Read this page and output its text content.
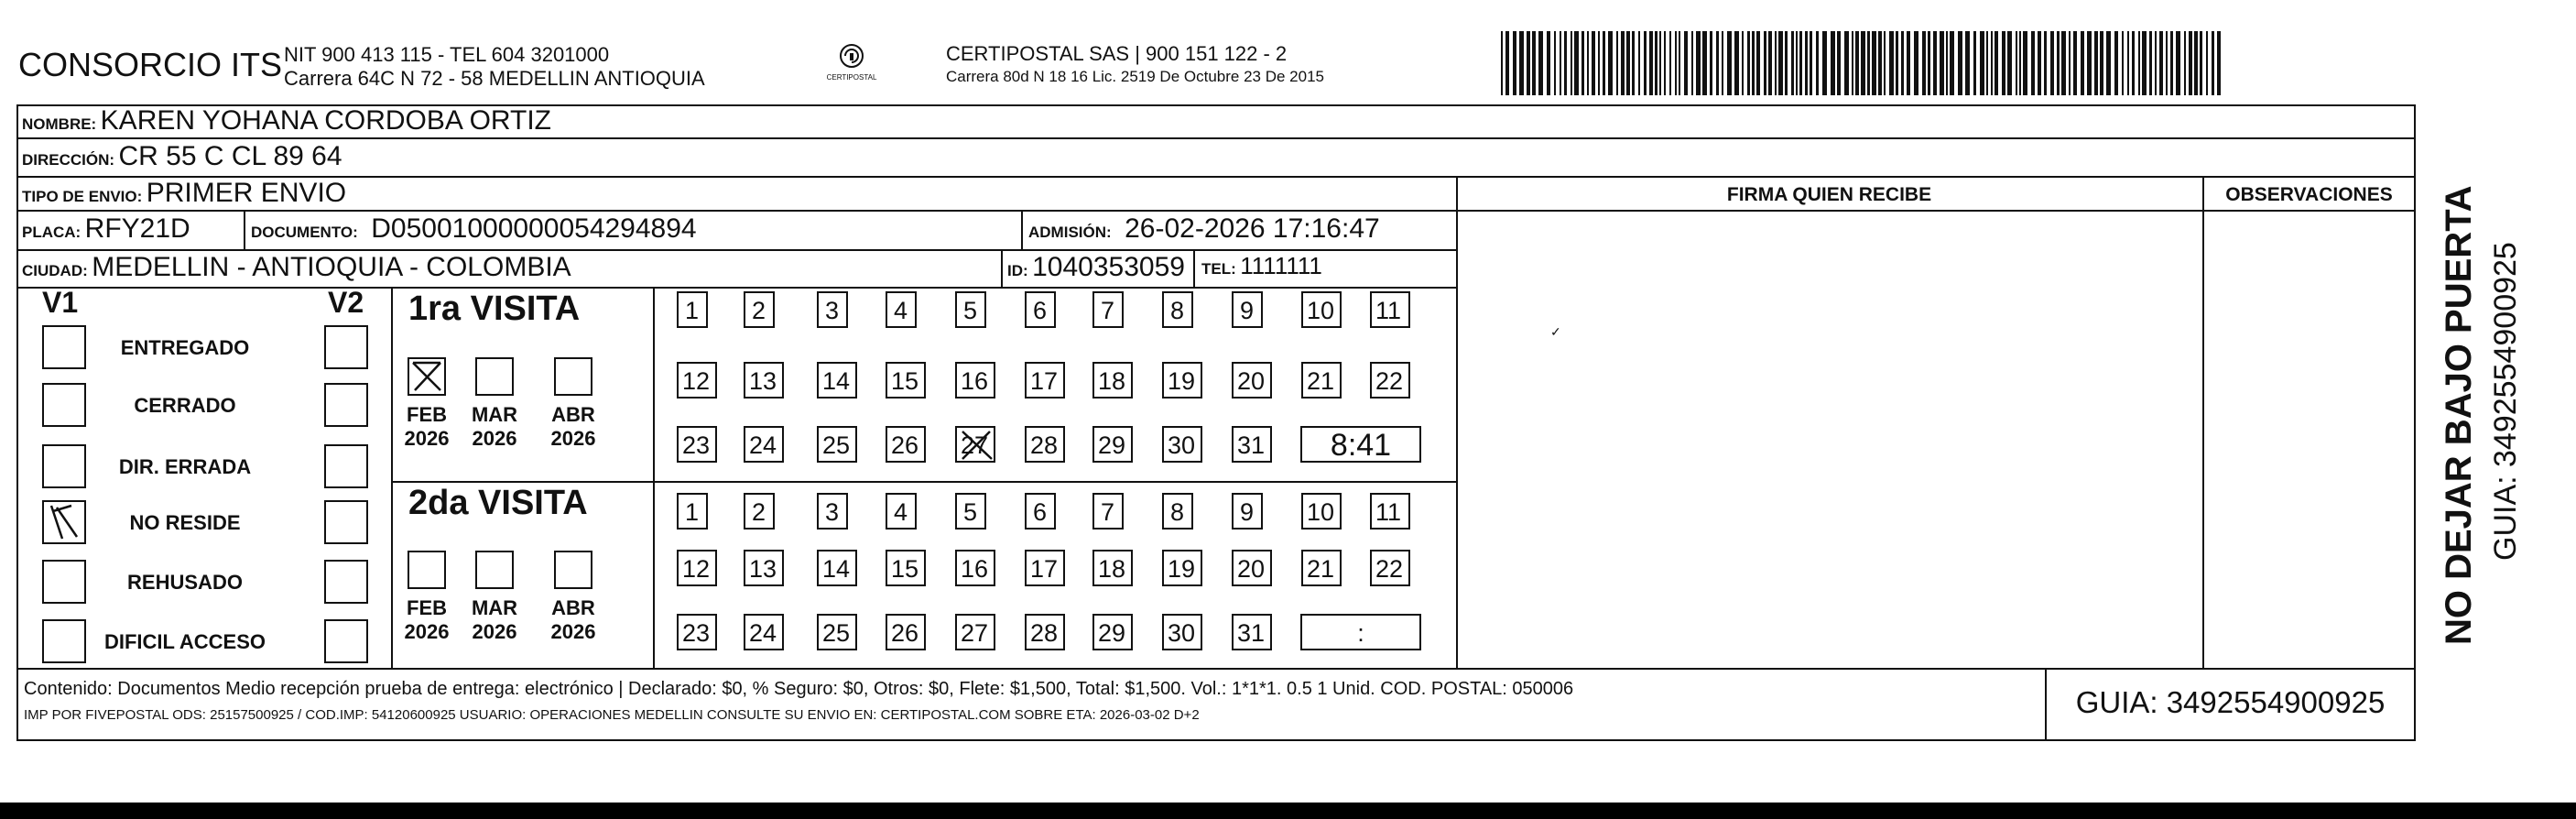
CONSORCIO ITS NIT 900 413 115 - TEL 604 3201000
Carrera 64C N 72 - 58 MEDELLIN ANTIOQUIA	CERTIPOSTAL
CERTIPOSTAL SAS | 900 151 122 - 2
Carrera 80d N 18 16 Lic. 2519 De Octubre 23 De 2015
FIRMA QUIEN RECIBE	OBSERVACIONES
✓
NOMBRE: KAREN YOHANA CORDOBA ORTIZ
DIRECCIÓN: CR 55 C CL 89 64
TIPO DE ENVIO: PRIMER ENVIO
PLACA: RFY21D	DOCUMENTO: D05001000000054294894	ADMISIÓN: 26-02-2026 17:16:47
CIUDAD: MEDELLIN - ANTIOQUIA - COLOMBIA	ID: 1040353059 TEL: 1111111
V1	V2
ENTREGADO
CERRADO
DIR. ERRADA
NO RESIDE
REHUSADO
DIFICIL ACCESO
1ra VISITA
2da VISITA
FEB
2026
MAR
2026
ABR
2026
FEB
2026
MAR
2026
ABR
2026
1	2	3	4	5	6	7	8	9	10 11
12 13 14 15 16 17 18 19 20 21 22
23 24 25 26 27 28 29 30 31	8:41
1	2	3	4	5	6	7	8	9	10 11
12 13 14 15 16 17 18 19 20 21 22
23 24 25 26 27 28 29 30 31	:
Contenido: Documentos Medio recepción prueba de entrega: electrónico | Declarado: $0, % Seguro: $0, Otros: $0, Flete: $1,500, Total: $1,500. Vol.: 1*1*1. 0.5 1 Unid. COD. POSTAL: 050006
IMP POR FIVEPOSTAL ODS: 25157500925 / COD.IMP: 54120600925 USUARIO: OPERACIONES MEDELLIN CONSULTE SU ENVIO EN: CERTIPOSTAL.COM SOBRE ETA: 2026-03-02 D+2	GUIA: 3492554900925
NO DEJAR BAJO PUERTA GUIA: 3492554900925
